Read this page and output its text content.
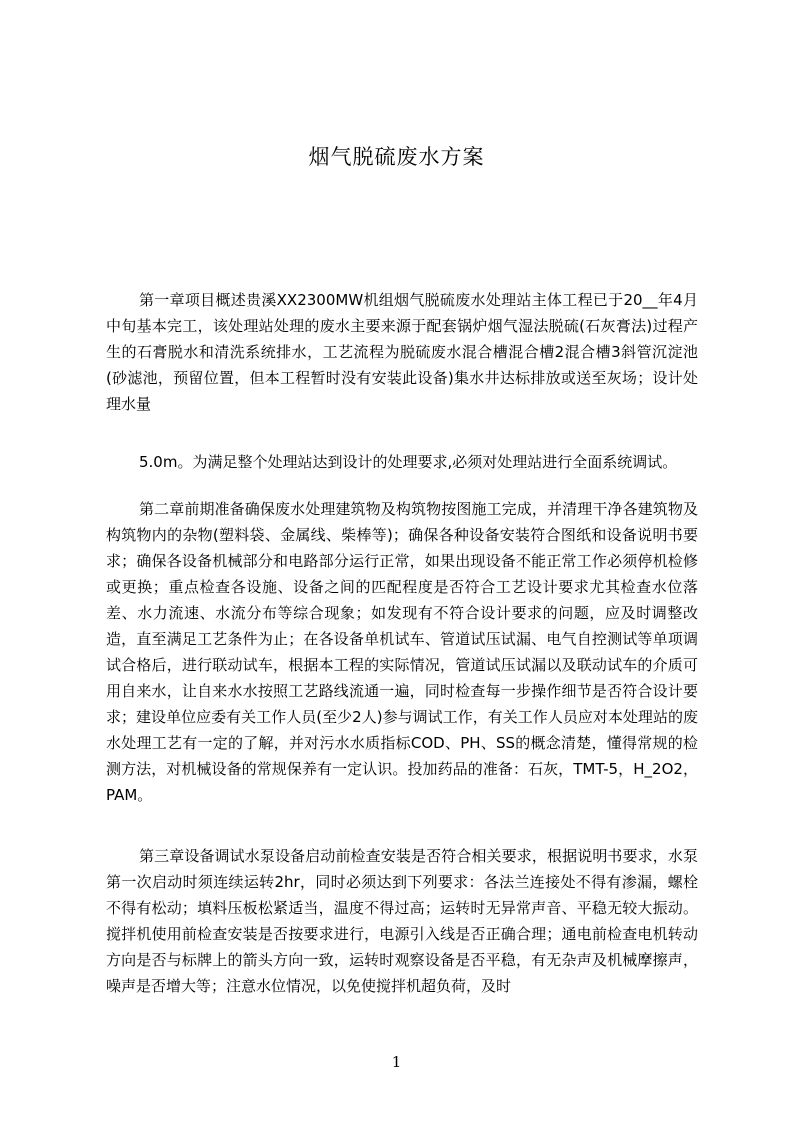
烟气脱硫废水方案
第一章项目概述贵溪XX2300MW机组烟气脱硫废水处理站主体工程已于20__年4月中旬基本完工，该处理站处理的废水主要来源于配套锅炉烟气湿法脱硫(石灰膏法)过程产生的石膏脱水和清洗系统排水，工艺流程为脱硫废水混合槽混合槽2混合槽3斜管沉淀池(砂滤池，预留位置，但本工程暂时没有安装此设备)集水井达标排放或送至灰场；设计处理水量
5.0m。为满足整个处理站达到设计的处理要求,必须对处理站进行全面系统调试。
第二章前期准备确保废水处理建筑物及构筑物按图施工完成，并清理干净各建筑物及构筑物内的杂物(塑料袋、金属线、柴棒等)；确保各种设备安装符合图纸和设备说明书要求；确保各设备机械部分和电路部分运行正常，如果出现设备不能正常工作必须停机检修或更换；重点检查各设施、设备之间的匹配程度是否符合工艺设计要求尤其检查水位落差、水力流速、水流分布等综合现象；如发现有不符合设计要求的问题，应及时调整改造，直至满足工艺条件为止；在各设备单机试车、管道试压试漏、电气自控测试等单项调试合格后，进行联动试车，根据本工程的实际情况，管道试压试漏以及联动试车的介质可用自来水，让自来水水按照工艺路线流通一遍，同时检查每一步操作细节是否符合设计要求；建设单位应委有关工作人员(至少2人)参与调试工作，有关工作人员应对本处理站的废水处理工艺有一定的了解，并对污水水质指标COD、PH、SS的概念清楚，懂得常规的检测方法，对机械设备的常规保养有一定认识。投加药品的准备：石灰，TMT-5，H_2O2，PAM。
第三章设备调试水泵设备启动前检查安装是否符合相关要求，根据说明书要求，水泵第一次启动时须连续运转2hr，同时必须达到下列要求：各法兰连接处不得有渗漏，螺栓不得有松动；填料压板松紧适当，温度不得过高；运转时无异常声音、平稳无较大振动。搅拌机使用前检查安装是否按要求进行，电源引入线是否正确合理；通电前检查电机转动方向是否与标牌上的箭头方向一致，运转时观察设备是否平稳，有无杂声及机械摩擦声，噪声是否增大等；注意水位情况，以免使搅拌机超负荷，及时
1
